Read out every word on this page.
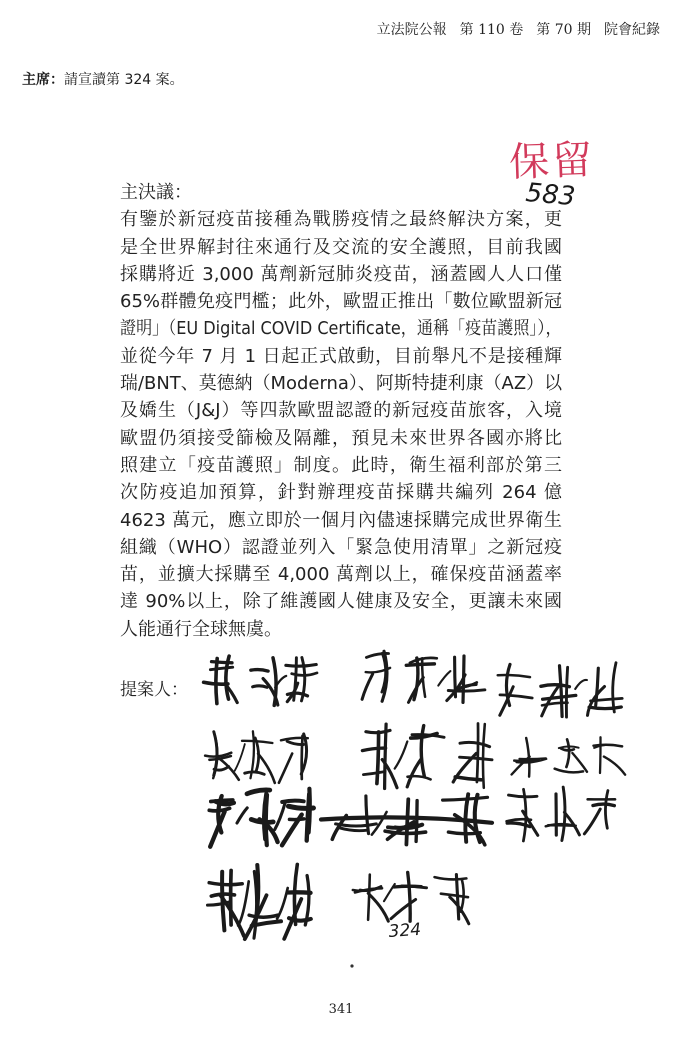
立法院公報 第 110 卷 第 70 期 院會紀錄
主席：請宣讀第 324 案。
保留
583
主決議：
有鑒於新冠疫苗接種為戰勝疫情之最終解決方案，更
是全世界解封往來通行及交流的安全護照，目前我國
採購將近 3,000 萬劑新冠肺炎疫苗，涵蓋國人人口僅
65%群體免疫門檻；此外，歐盟正推出「數位歐盟新冠
證明」（EU Digital COVID Certificate，通稱「疫苗護照」），
並從今年 7 月 1 日起正式啟動，目前舉凡不是接種輝
瑞/BNT、莫德納（Moderna）、阿斯特捷利康（AZ）以
及嬌生（J&J）等四款歐盟認證的新冠疫苗旅客，入境
歐盟仍須接受篩檢及隔離，預見未來世界各國亦將比
照建立「疫苗護照」制度。此時，衛生福利部於第三
次防疫追加預算，針對辦理疫苗採購共編列 264 億
4623 萬元，應立即於一個月內儘速採購完成世界衛生
組織（WHO）認證並列入「緊急使用清單」之新冠疫
苗，並擴大採購至 4,000 萬劑以上，確保疫苗涵蓋率
達 90%以上，除了維護國人健康及安全，更讓未來國
人能通行全球無虞。
提案人：
324
341
